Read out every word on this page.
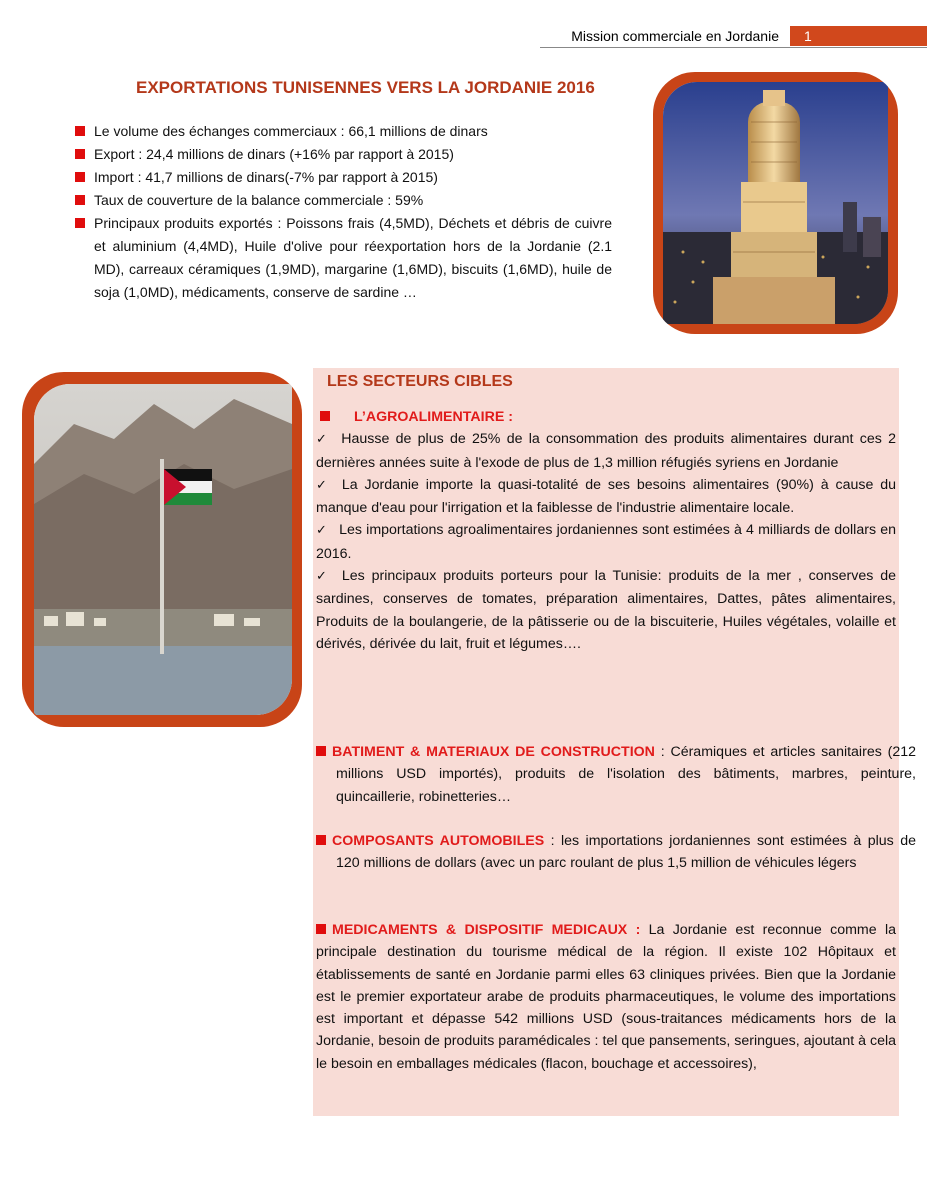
Mission commerciale en Jordanie	1
EXPORTATIONS TUNISENNES VERS LA JORDANIE 2016
Le volume des échanges commerciaux : 66,1 millions de dinars
Export : 24,4 millions de dinars (+16% par rapport à 2015)
Import : 41,7 millions de dinars(-7% par rapport à 2015)
Taux de couverture de la balance commerciale : 59%
Principaux produits exportés : Poissons frais (4,5MD), Déchets et débris de cuivre et aluminium (4,4MD), Huile d'olive pour réexportation hors de la Jordanie (2.1 MD), carreaux céramiques (1,9MD), margarine (1,6MD), biscuits (1,6MD), huile de soja (1,0MD), médicaments, conserve de sardine …
LES SECTEURS CIBLES

L’AGROALIMENTAIRE :

✓ Hausse de plus de 25% de la consommation des produits alimentaires durant ces 2 dernières années suite à l'exode de plus de 1,3 million réfugiés syriens en Jordanie

✓ La Jordanie importe la quasi-totalité de ses besoins alimentaires (90%) à cause du manque d'eau pour l'irrigation et la faiblesse de l'industrie alimentaire locale.

✓ Les importations agroalimentaires jordaniennes sont estimées à 4 milliards de dollars en 2016.

✓ Les principaux produits porteurs pour la Tunisie: produits de la mer , conserves de sardines, conserves de tomates, préparation alimentaires, Dattes, pâtes alimentaires, Produits de la boulangerie, de la pâtisserie ou de la biscuiterie, Huiles végétales, volaille et dérivés, dérivée du lait, fruit et légumes….

BATIMENT & MATERIAUX DE CONSTRUCTION : Céramiques et articles sanitaires (212 millions USD importés), produits de l'isolation des bâtiments, marbres, peinture, quincaillerie, robinetteries…
COMPOSANTS AUTOMOBILES : les importations jordaniennes sont estimées à plus de 120 millions de dollars (avec un parc roulant de plus 1,5 million de véhicules légers
MEDICAMENTS & DISPOSITIF MEDICAUX : La Jordanie est reconnue comme la principale destination du tourisme médical de la région. Il existe 102 Hôpitaux et établissements de santé en Jordanie parmi elles 63 cliniques privées. Bien que la Jordanie est le premier exportateur arabe de produits pharmaceutiques, le volume des importations est important et dépasse 542 millions USD (sous-traitances médicaments hors de la Jordanie, besoin de produits paramédicales : tel que pansements, seringues, ajoutant à cela le besoin en emballages médicales (flacon, bouchage et accessoires),
